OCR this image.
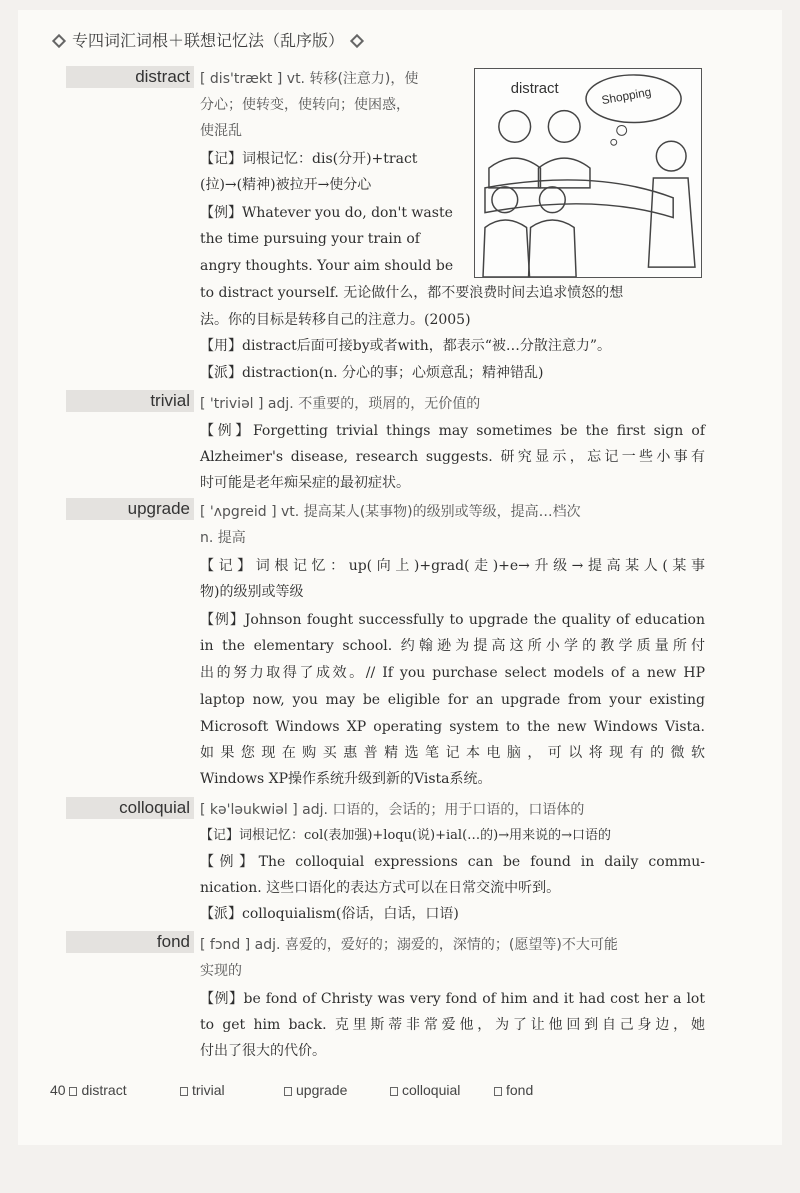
专四词汇词根＋联想记忆法（乱序版）
distract [ dis'trækt ] vt. 转移(注意力)，使
分心；使转变，使转向；使困惑，
使混乱
【记】词根记忆：dis(分开)+tract
(拉)→(精神)被拉开→使分心
【例】Whatever you do, don't waste
the time pursuing your train of
angry thoughts. Your aim should be
to distract yourself. 无论做什么，都不要浪费时间去追求愤怒的想
法。你的目标是转移自己的注意力。(2005)
【用】distract后面可接by或者with，都表示“被…分散注意力”。
【派】distraction(n. 分心的事；心烦意乱；精神错乱)
distract	Shopping
trivial [ 'triviəl ] adj. 不重要的，琐屑的，无价值的
【例】Forgetting trivial things may sometimes be the first sign of
Alzheimer's disease, research suggests. 研究显示，忘记一些小事有
时可能是老年痴呆症的最初症状。
upgrade [ 'ʌpgreid ] vt. 提高某人(某事物)的级别或等级，提高…档次
n. 提高
【记】词根记忆：up(向上)+grad(走)+e→升级→提高某人(某事
物)的级别或等级
【例】Johnson fought successfully to upgrade the quality of education
in the elementary school. 约翰逊为提高这所小学的教学质量所付
出的努力取得了成效。// If you purchase select models of a new HP
laptop now, you may be eligible for an upgrade from your existing
Microsoft Windows XP operating system to the new Windows Vista.
如果您现在购买惠普精选笔记本电脑，可以将现有的微软
Windows XP操作系统升级到新的Vista系统。
colloquial [ kə'ləukwiəl ] adj. 口语的，会话的；用于口语的，口语体的
【记】词根记忆：col(表加强)+loqu(说)+ial(…的)→用来说的→口语的
【例】The colloquial expressions can be found in daily commu-
nication. 这些口语化的表达方式可以在日常交流中听到。
【派】colloquialism(俗话，白话，口语)
fond [ fɔnd ] adj. 喜爱的，爱好的；溺爱的，深情的；(愿望等)不大可能
实现的
【例】be fond of Christy was very fond of him and it had cost her a lot
to get him back. 克里斯蒂非常爱他，为了让他回到自己身边，她
付出了很大的代价。
40 distract	trivial	upgrade	colloquial	fond
